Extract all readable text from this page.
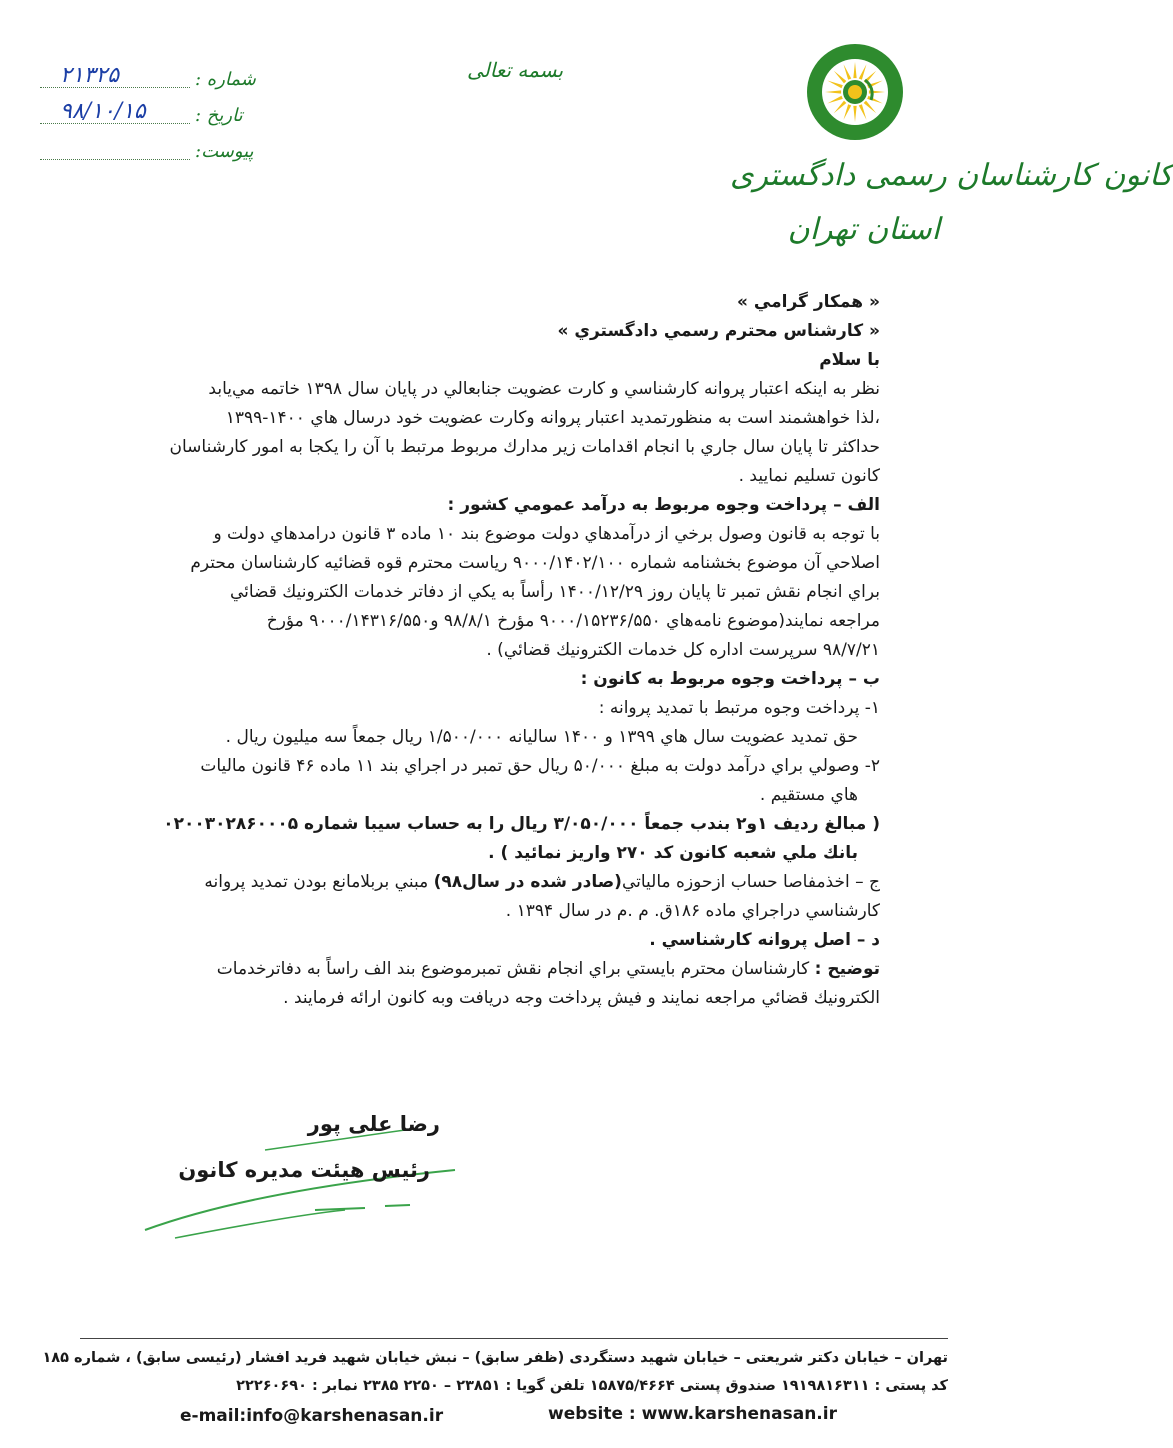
کانون کارشناسان رسمی دادگستری
استان تهران
بسمه تعالی
۲۱۳۲۵	شماره :
۹۸/۱۰/۱۵	تاریخ :
پیوست:

« همكار گرامي »

« كارشناس محترم رسمي دادگستري »

با سلام

نظر به اينكه اعتبار پروانه كارشناسي و كارت عضويت جنابعالي در پايان سال ۱۳۹۸ خاتمه مي‌يابد

،لذا خواهشمند است به منظورتمديد اعتبار پروانه وكارت عضويت خود درسال هاي ۱۴۰۰-۱۳۹۹

حداكثر تا پايان سال جاري با انجام اقدامات زير مدارك مربوط مرتبط با آن را يكجا به امور كارشناسان

كانون تسليم نماييد .

الف – پرداخت وجوه مربوط به درآمد عمومي كشور :

با توجه به قانون وصول برخي از درآمدهاي دولت موضوع بند ۱۰ ماده ۳ قانون درامدهاي دولت و

اصلاحي آن موضوع بخشنامه شماره ۹۰۰۰/۱۴۰۲/۱۰۰ رياست محترم قوه قضائيه كارشناسان محترم

براي انجام نقش تمبر تا پايان روز ۱۴۰۰/۱۲/۲۹ رأساً به يكي از دفاتر خدمات الكترونيك قضائي

مراجعه نمايند(موضوع نامه‌هاي ۹۰۰۰/۱۵۲۳۶/۵۵۰ مؤرخ ۹۸/۸/۱ و۹۰۰۰/۱۴۳۱۶/۵۵۰ مؤرخ

۹۸/۷/۲۱ سرپرست اداره كل خدمات الكترونيك قضائي) .

ب – پرداخت وجوه مربوط به كانون :

۱- پرداخت وجوه مرتبط با تمديد پروانه :

حق تمديد عضويت سال هاي ۱۳۹۹ و ۱۴۰۰ ساليانه ۱/۵۰۰/۰۰۰ ريال جمعاً سه ميليون ريال .

۲- وصولي براي درآمد دولت به مبلغ ۵۰/۰۰۰ ريال حق تمبر در اجراي بند ۱۱ ماده ۴۶ قانون ماليات

هاي مستقيم .

( مبالغ رديف ۱و۲ بندب جمعاً ۳/۰۵۰/۰۰۰ ريال را به حساب سيبا شماره ۰۲۰۰۳۰۲۸۶۰۰۰۵

بانك ملي شعبه كانون كد ۲۷۰ واريز نمائيد ) .

ج – اخذمفاصا حساب ازحوزه مالياتي(صادر شده در سال۹۸) مبني بربلامانع بودن تمديد پروانه

كارشناسي دراجراي ماده ۱۸۶ق. م .م در سال ۱۳۹۴ .

د – اصل پروانه كارشناسي .

توضيح : كارشناسان محترم بايستي براي انجام نقش تمبرموضوع بند الف راساً به دفاترخدمات

الكترونيك قضائي مراجعه نمايند و فيش پرداخت وجه دريافت وبه كانون ارائه فرمايند .

رضا علی پور
رئیس هیئت مدیره کانون
تهران – خیابان دکتر شریعتی – خیابان شهید دستگردی (ظفر سابق) – نبش خیابان شهید فرید افشار (رئیسی سابق) ، شماره ۱۸۵
کد پستی : ۱۹۱۹۸۱۶۳۱۱ صندوق پستی ۱۵۸۷۵/۴۶۶۴ تلفن گویا : ۲۳۸۵۱ – ۲۲۵۰ ۲۳۸۵ نمابر : ۲۲۲۶۰۶۹۰
e-mail:info@karshenasan.ir	website : www.karshenasan.ir
